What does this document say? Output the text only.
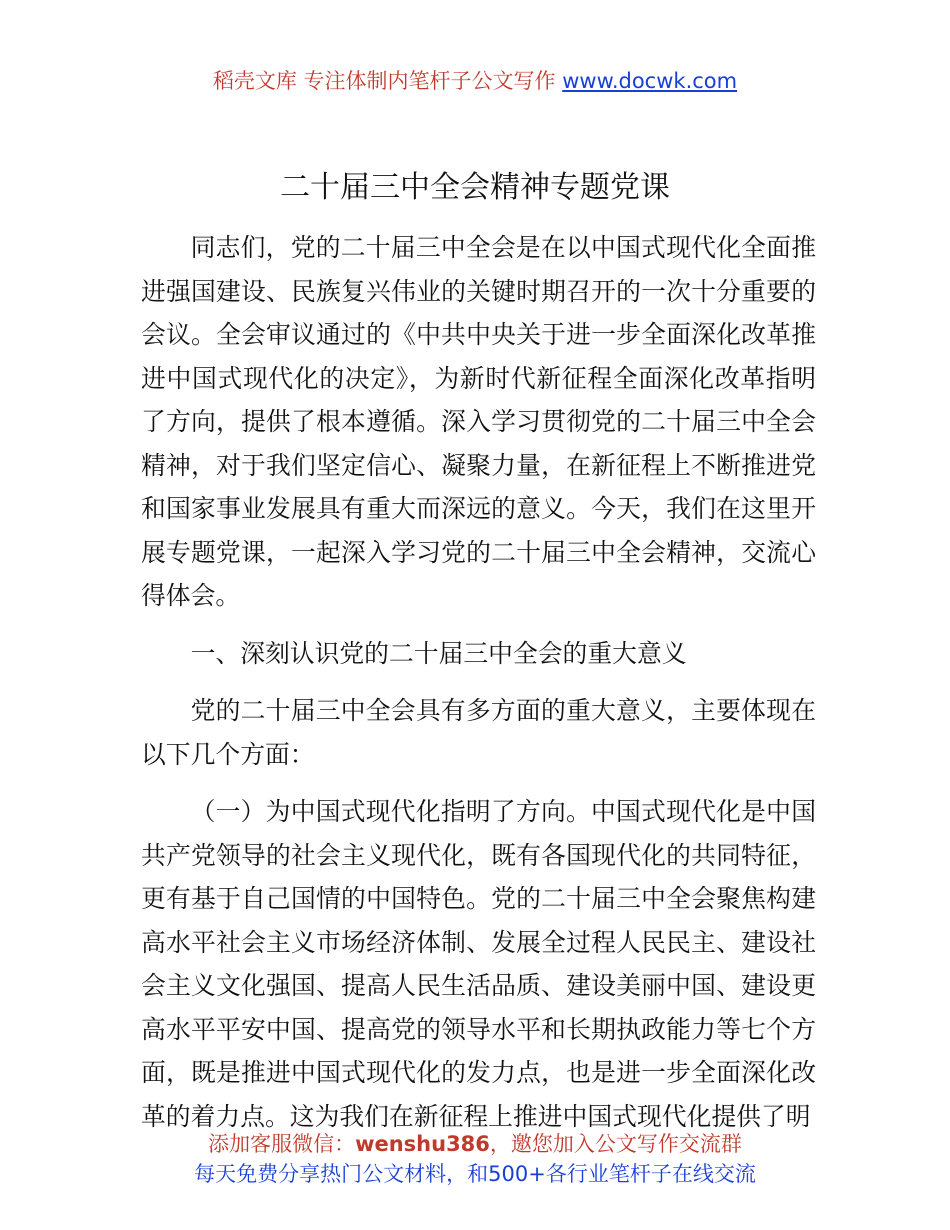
稻壳文库 专注体制内笔杆子公文写作 www.docwk.com
二十届三中全会精神专题党课

同志们，党的二十届三中全会是在以中国式现代化全面推进强国建设、民族复兴伟业的关键时期召开的一次十分重要的会议。全会审议通过的《中共中央关于进一步全面深化改革推进中国式现代化的决定》，为新时代新征程全面深化改革指明了方向，提供了根本遵循。深入学习贯彻党的二十届三中全会精神，对于我们坚定信心、凝聚力量，在新征程上不断推进党和国家事业发展具有重大而深远的意义。今天，我们在这里开展专题党课，一起深入学习党的二十届三中全会精神，交流心得体会。

一、深刻认识党的二十届三中全会的重大意义

党的二十届三中全会具有多方面的重大意义，主要体现在以下几个方面：

（一）为中国式现代化指明了方向。中国式现代化是中国共产党领导的社会主义现代化，既有各国现代化的共同特征，更有基于自己国情的中国特色。党的二十届三中全会聚焦构建高水平社会主义市场经济体制、发展全过程人民民主、建设社会主义文化强国、提高人民生活品质、建设美丽中国、建设更高水平平安中国、提高党的领导水平和长期执政能力等七个方面，既是推进中国式现代化的发力点，也是进一步全面深化改革的着力点。这为我们在新征程上推进中国式现代化提供了明

添加客服微信：wenshu386，邀您加入公文写作交流群
每天免费分享热门公文材料，和500+各行业笔杆子在线交流
